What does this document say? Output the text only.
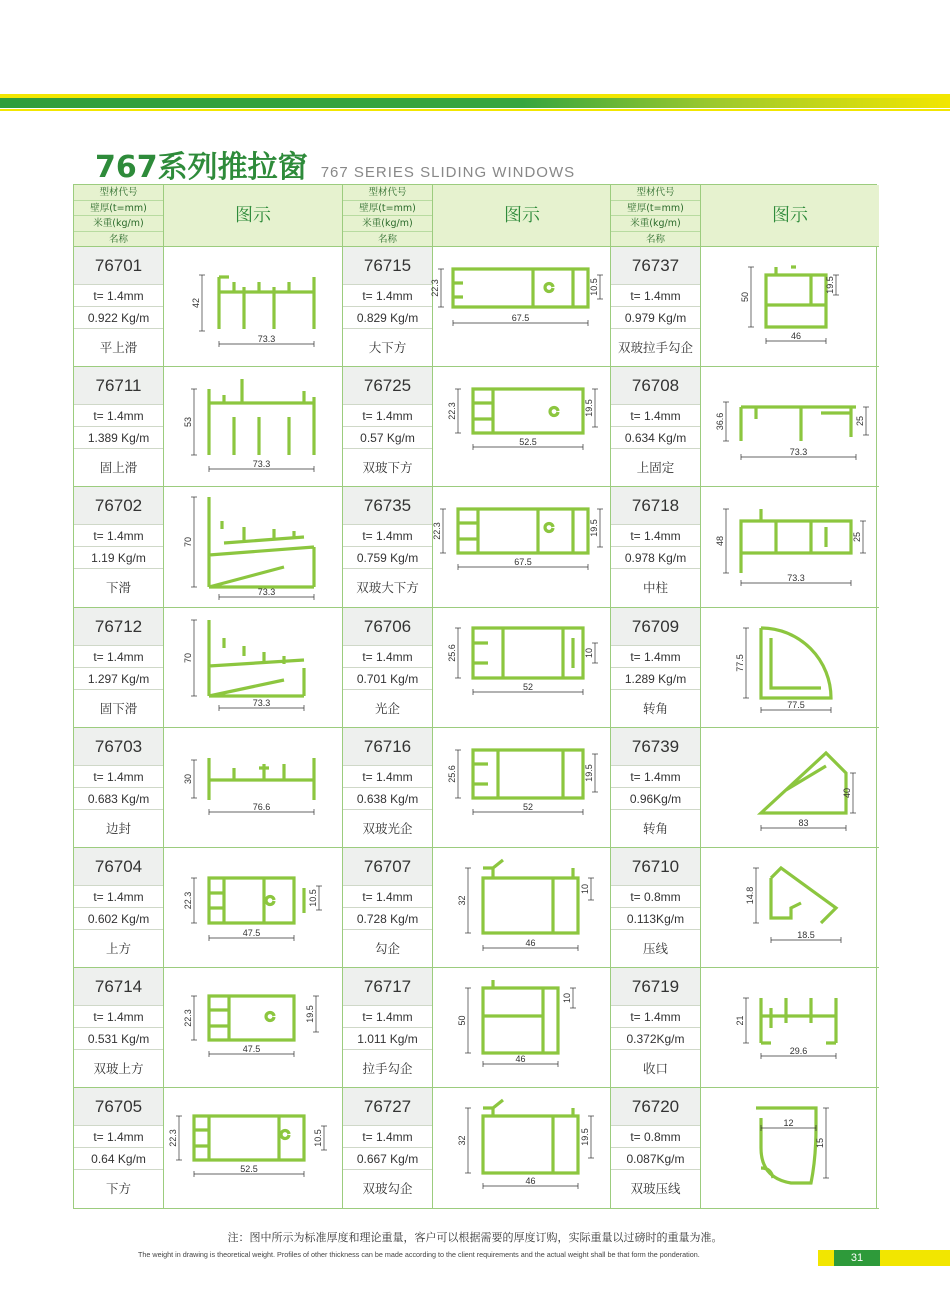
767系列推拉窗 767 SERIES SLIDING WINDOWS
型材代号
壁厚(t=mm)
米重(kg/m)
名称
图示
76701
t= 1.4mm
0.922 Kg/m
平上滑
42
73.3
76711
t= 1.4mm
1.389 Kg/m
固上滑
53
73.3
76702
t= 1.4mm
1.19 Kg/m
下滑
70
73.3
76712
t= 1.4mm
1.297 Kg/m
固下滑
70
73.3
76703
t= 1.4mm
0.683 Kg/m
边封
30
76.6
76704
t= 1.4mm
0.602 Kg/m
上方
22.3
47.5
10.5
76714
t= 1.4mm
0.531 Kg/m
双玻上方
22.3
47.5
19.5
76705
t= 1.4mm
0.64 Kg/m
下方
22.3
52.5
10.5
型材代号
壁厚(t=mm)
米重(kg/m)
名称
图示
76715
t= 1.4mm
0.829 Kg/m
大下方
22.3
67.5
10.5
76725
t= 1.4mm
0.57 Kg/m
双玻下方
22.3
52.5
19.5
76735
t= 1.4mm
0.759 Kg/m
双玻大下方
22.3
67.5
19.5
76706
t= 1.4mm
0.701 Kg/m
光企
25.6
52
10
76716
t= 1.4mm
0.638 Kg/m
双玻光企
25.6
52
19.5
76707
t= 1.4mm
0.728 Kg/m
勾企
32
46
10
76717
t= 1.4mm
1.011 Kg/m
拉手勾企
50
46
10
76727
t= 1.4mm
0.667 Kg/m
双玻勾企
32
46
19.5
型材代号
壁厚(t=mm)
米重(kg/m)
名称
图示
76737
t= 1.4mm
0.979 Kg/m
双玻拉手勾企
50
46
19.5
76708
t= 1.4mm
0.634 Kg/m
上固定
36.6
73.3
25
76718
t= 1.4mm
0.978 Kg/m
中柱
48
73.3
25
76709
t= 1.4mm
1.289 Kg/m
转角
77.5
77.5
76739
t= 1.4mm
0.96Kg/m
转角
40
83
76710
t= 0.8mm
0.113Kg/m
压线
14.8
18.5
76719
t= 1.4mm
0.372Kg/m
收口
21
29.6
76720
t= 0.8mm
0.087Kg/m
双玻压线
15
12
注：图中所示为标准厚度和理论重量，客户可以根据需要的厚度订购，实际重量以过磅时的重量为准。
The weight in drawing is theoretical weight. Profiles of other thickness can be made according to the client requirements and the actual weight shall be that form the ponderation.	31
